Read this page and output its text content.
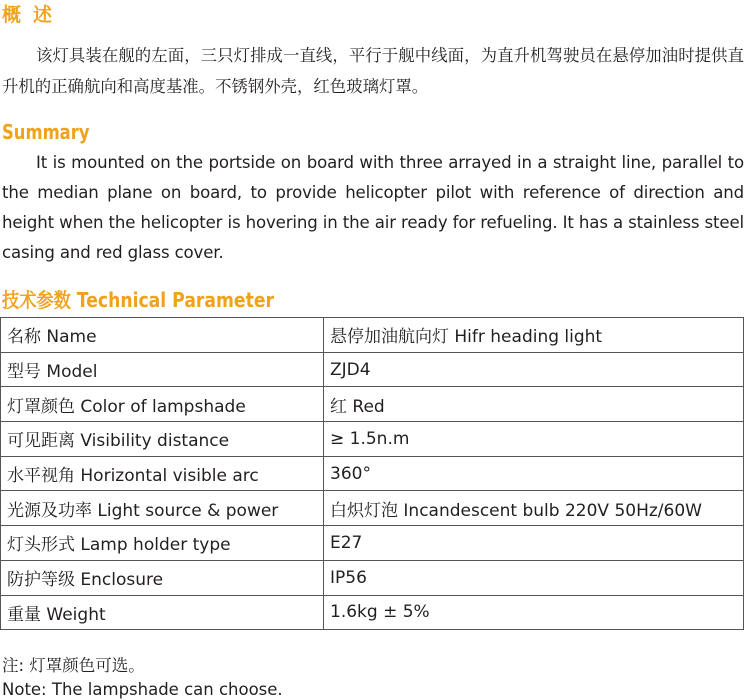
概述

该灯具装在舰的左面，三只灯排成一直线，平行于舰中线面，为直升机驾驶员在悬停加油时提供直升机的正确航向和高度基准。不锈钢外壳，红色玻璃灯罩。

Summary

It is mounted on the portside on board with three arrayed in a straight line, parallel to the median plane on board, to provide helicopter pilot with reference of direction and height when the helicopter is hovering in the air ready for refueling. It has a stainless steel casing and red glass cover.

技术参数 Technical Parameter
名称 Name	悬停加油航向灯 Hifr heading light
型号 Model	ZJD4
灯罩颜色 Color of lampshade	红 Red
可见距离 Visibility distance	≥ 1.5n.m
水平视角 Horizontal visible arc	360°
光源及功率 Light source & power	白炽灯泡 Incandescent bulb 220V 50Hz/60W
灯头形式 Lamp holder type	E27
防护等级 Enclosure	IP56
重量 Weight	1.6kg ± 5%

注: 灯罩颜色可选。

Note: The lampshade can choose.
